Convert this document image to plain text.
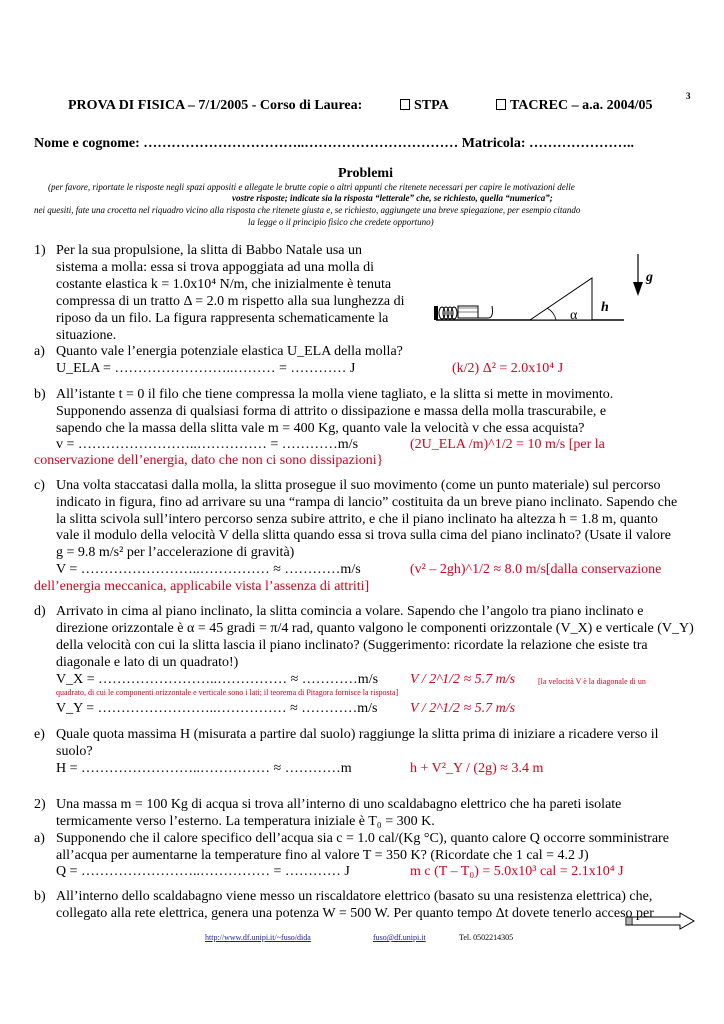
3
PROVA DI FISICA – 7/1/2005 - Corso di Laurea:	STPA	TACREC – a.a. 2004/05
Nome e cognome: ……………………………..…………………………… Matricola: …………………..
Problemi
(per favore, riportate le risposte negli spazi appositi e allegate le brutte copie o altri appunti che ritenete necessari per capire le motivazioni delle
vostre risposte; indicate sia la risposta “letterale” che, se richiesto, quella “numerica”;
nei quesiti, fate una crocetta nel riquadro vicino alla risposta che ritenete giusta e, se richiesto, aggiungete una breve spiegazione, per esempio citando
la legge o il principio fisico che credete opportuno)
g
h
α
1) Per la sua propulsione, la slitta di Babbo Natale usa un
sistema a molla: essa si trova appoggiata ad una molla di
costante elastica k = 1.0x10⁴ N/m, che inizialmente è tenuta
compressa di un tratto Δ = 2.0 m rispetto alla sua lunghezza di
riposo da un filo. La figura rappresenta schematicamente la
situazione.
a) Quanto vale l’energia potenziale elastica U_ELA della molla?
U_ELA = ……………………..……… = ………… J	(k/2) Δ² = 2.0x10⁴ J
b) All’istante t = 0 il filo che tiene compressa la molla viene tagliato, e la slitta si mette in movimento.
Supponendo assenza di qualsiasi forma di attrito o dissipazione e massa della molla trascurabile, e
sapendo che la massa della slitta vale m = 400 Kg, quanto vale la velocità v che essa acquista?
v = ……………………..…………… = …………m/s	(2U_ELA /m)^1/2 = 10 m/s [per la
conservazione dell’energia, dato che non ci sono dissipazioni}
c) Una volta staccatasi dalla molla, la slitta prosegue il suo movimento (come un punto materiale) sul percorso
indicato in figura, fino ad arrivare su una “rampa di lancio” costituita da un breve piano inclinato. Sapendo che
la slitta scivola sull’intero percorso senza subire attrito, e che il piano inclinato ha altezza h = 1.8 m, quanto
vale il modulo della velocità V della slitta quando essa si trova sulla cima del piano inclinato? (Usate il valore
g = 9.8 m/s² per l’accelerazione di gravità)
V = ……………………..…………… ≈ …………m/s	(v² – 2gh)^1/2 ≈ 8.0 m/s[dalla conservazione
dell’energia meccanica, applicabile vista l’assenza di attriti]
d) Arrivato in cima al piano inclinato, la slitta comincia a volare. Sapendo che l’angolo tra piano inclinato e
direzione orizzontale è α = 45 gradi = π/4 rad, quanto valgono le componenti orizzontale (V_X) e verticale (V_Y)
della velocità con cui la slitta lascia il piano inclinato? (Suggerimento: ricordate la relazione che esiste tra
diagonale e lato di un quadrato!)
V_X = ……………………..…………… ≈ …………m/s V / 2^1/2 ≈ 5.7 m/s	[la velocità V è la diagonale di un
quadrato, di cui le componenti orizzontale e verticale sono i lati; il teorema di Pitagora fornisce la risposta]
V_Y = ……………………..…………… ≈ …………m/s V / 2^1/2 ≈ 5.7 m/s
e) Quale quota massima H (misurata a partire dal suolo) raggiunge la slitta prima di iniziare a ricadere verso il
suolo?
H = ……………………..…………… ≈ …………m	h + V²_Y / (2g) ≈ 3.4 m
2) Una massa m = 100 Kg di acqua si trova all’interno di uno scaldabagno elettrico che ha pareti isolate
termicamente verso l’esterno. La temperatura iniziale è T₀ = 300 K.
a) Supponendo che il calore specifico dell’acqua sia c = 1.0 cal/(Kg °C), quanto calore Q occorre somministrare
all’acqua per aumentarne la temperature fino al valore T = 350 K? (Ricordate che 1 cal = 4.2 J)
Q = ……………………..…………… = ………… J	m c (T – T₀) = 5.0x10³ cal = 2.1x10⁴ J
b) All’interno dello scaldabagno viene messo un riscaldatore elettrico (basato su una resistenza elettrica) che,
collegato alla rete elettrica, genera una potenza W = 500 W. Per quanto tempo Δt dovete tenerlo acceso per
http://www.df.unipi.it/~fuso/dida	fuso@df.unipi.it	Tel. 0502214305
